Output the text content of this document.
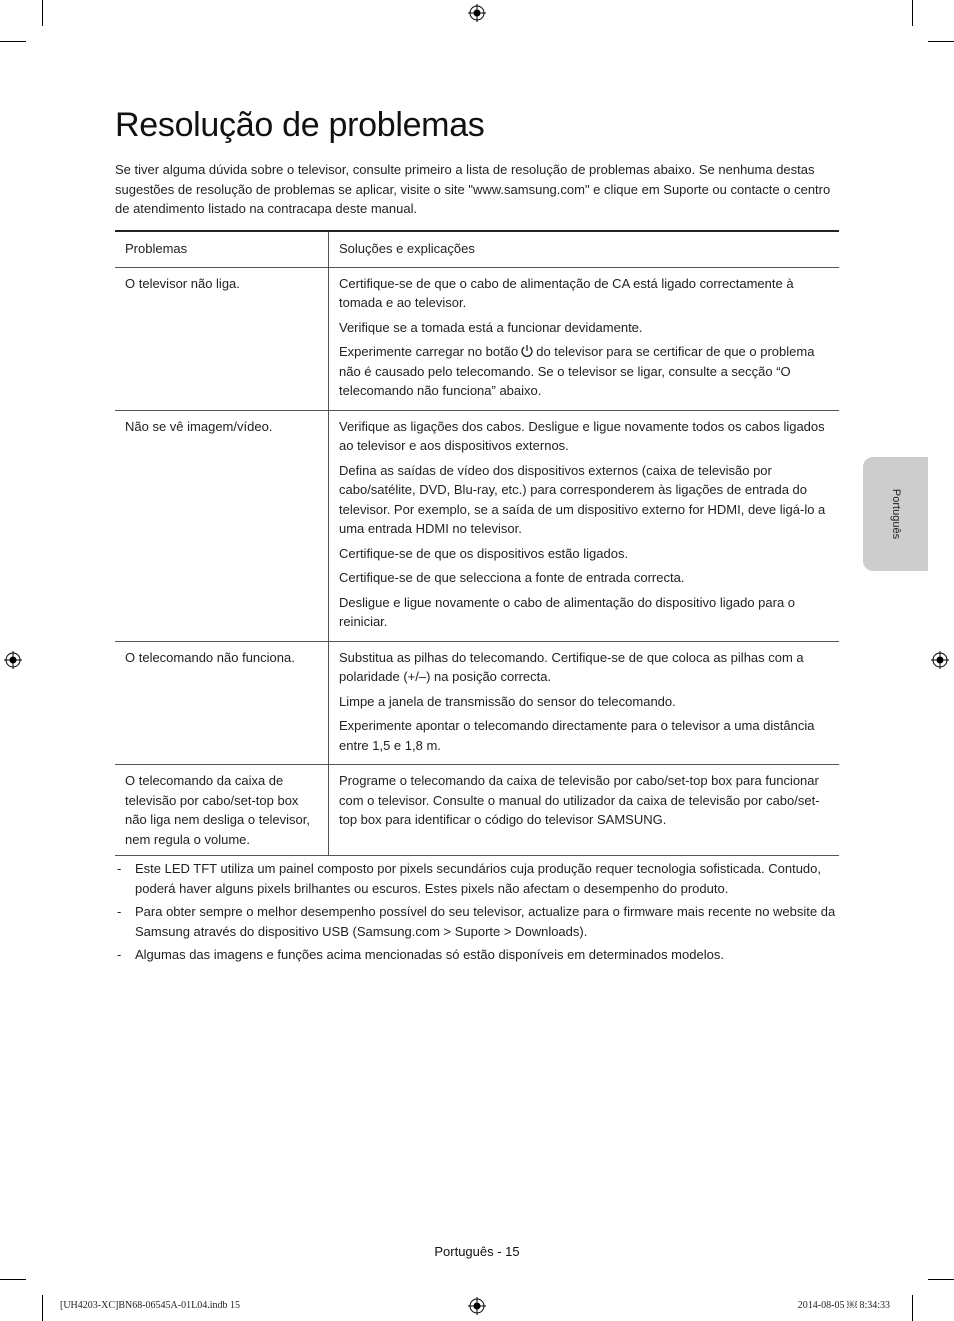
Resolução de problemas

Se tiver alguma dúvida sobre o televisor, consulte primeiro a lista de resolução de problemas abaixo. Se nenhuma destas sugestões de resolução de problemas se aplicar, visite o site "www.samsung.com" e clique em Suporte ou contacte o centro de atendimento listado na contracapa deste manual.

Problemas	Soluções e explicações
O televisor não liga.	Certifique-se de que o cabo de alimentação de CA está ligado correctamente à tomada e ao televisor.

Verifique se a tomada está a funcionar devidamente.

Experimente carregar no botão do televisor para se certificar de que o problema não é causado pelo telecomando. Se o televisor se ligar, consulte a secção “O telecomando não funciona” abaixo.

Não se vê imagem/vídeo.	Verifique as ligações dos cabos. Desligue e ligue novamente todos os cabos ligados ao televisor e aos dispositivos externos.

Defina as saídas de vídeo dos dispositivos externos (caixa de televisão por cabo/satélite, DVD, Blu-ray, etc.) para corresponderem às ligações de entrada do televisor. Por exemplo, se a saída de um dispositivo externo for HDMI, deve ligá-lo a uma entrada HDMI no televisor.

Certifique-se de que os dispositivos estão ligados.

Certifique-se de que selecciona a fonte de entrada correcta.

Desligue e ligue novamente o cabo de alimentação do dispositivo ligado para o reiniciar.

O telecomando não funciona.	Substitua as pilhas do telecomando. Certifique-se de que coloca as pilhas com a polaridade (+/–) na posição correcta.

Limpe a janela de transmissão do sensor do telecomando.

Experimente apontar o telecomando directamente para o televisor a uma distância entre 1,5 e 1,8 m.

O telecomando da caixa de televisão por cabo/set-top box não liga nem desliga o televisor, nem regula o volume.	Programe o telecomando da caixa de televisão por cabo/set-top box para funcionar com o televisor. Consulte o manual do utilizador da caixa de televisão por cabo/set-top box para identificar o código do televisor SAMSUNG.

- Este LED TFT utiliza um painel composto por pixels secundários cuja produção requer tecnologia sofisticada. Contudo, poderá haver alguns pixels brilhantes ou escuros. Estes pixels não afectam o desempenho do produto.
- Para obter sempre o melhor desempenho possível do seu televisor, actualize para o firmware mais recente no website da Samsung através do dispositivo USB (Samsung.com > Suporte > Downloads).
- Algumas das imagens e funções acima mencionadas só estão disponíveis em determinados modelos.
Português
Português - 15
[UH4203-XC]BN68-06545A-01L04.indb 15	2014-08-05 ￼ 8:34:33
